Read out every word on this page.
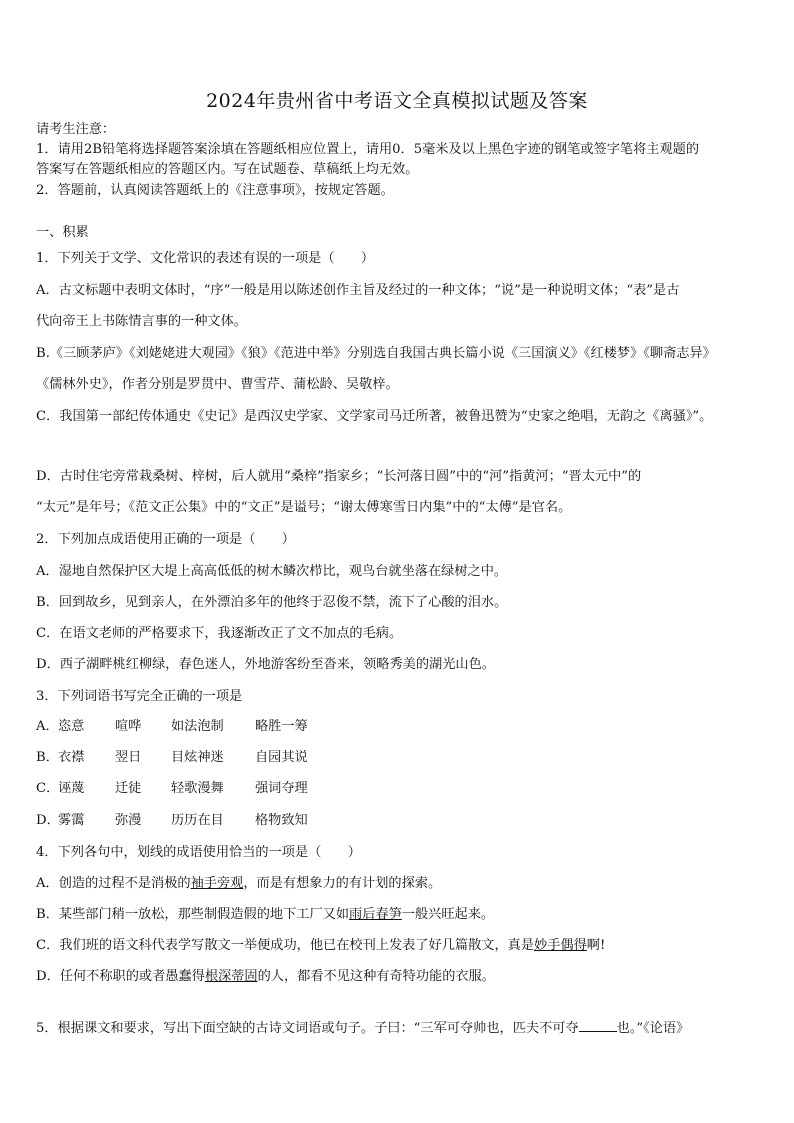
2024年贵州省中考语文全真模拟试题及答案
请考生注意：
1．请用2B铅笔将选择题答案涂填在答题纸相应位置上，请用0．5毫米及以上黑色字迹的钢笔或签字笔将主观题的
答案写在答题纸相应的答题区内。写在试题卷、草稿纸上均无效。
2．答题前，认真阅读答题纸上的《注意事项》，按规定答题。
一、积累
1．下列关于文学、文化常识的表述有误的一项是（　　）
A．古文标题中表明文体时，“序”一般是用以陈述创作主旨及经过的一种文体；“说”是一种说明文体；“表”是古
代向帝王上书陈情言事的一种文体。
B.《三顾茅庐》《刘姥姥进大观园》《狼》《范进中举》分别选自我国古典长篇小说《三国演义》《红楼梦》《聊斋志异》
《儒林外史》，作者分别是罗贯中、曹雪芹、蒲松龄、吴敬梓。
C．我国第一部纪传体通史《史记》是西汉史学家、文学家司马迁所著，被鲁迅赞为“史家之绝唱，无韵之《离骚》”。
D．古时住宅旁常栽桑树、梓树，后人就用“桑梓”指家乡；“长河落日圆”中的“河”指黄河；“晋太元中”的
“太元”是年号；《范文正公集》中的“文正”是谥号；“谢太傅寒雪日内集”中的“太傅”是官名。
2．下列加点成语使用正确的一项是（　　）
A．湿地自然保护区大堤上高高低低的树木鳞次栉比，观鸟台就坐落在绿树之中。
B．回到故乡，见到亲人，在外漂泊多年的他终于忍俊不禁，流下了心酸的泪水。
C．在语文老师的严格要求下，我逐渐改正了文不加点的毛病。
D．西子湖畔桃红柳绿，春色迷人，外地游客纷至沓来，领略秀美的湖光山色。
3．下列词语书写完全正确的一项是
A．恣意 喧哗 如法泡制 略胜一筹
B．衣襟 翌日 目炫神迷 自园其说
C．诬蔑 迁徒 轻歌漫舞 强词夺理
D．雾霭 弥漫 历历在目 格物致知
4．下列各句中，划线的成语使用恰当的一项是（　　）
A．创造的过程不是消极的袖手旁观，而是有想象力的有计划的探索。
B．某些部门稍一放松，那些制假造假的地下工厂又如雨后春笋一般兴旺起来。
C．我们班的语文科代表学写散文一举便成功，他已在校刊上发表了好几篇散文，真是妙手偶得啊!
D．任何不称职的或者愚蠢得根深蒂固的人，都看不见这种有奇特功能的衣服。
5．根据课文和要求，写出下面空缺的古诗文词语或句子。子曰：“三军可夺帅也，匹夫不可夺	也。”《论语》
